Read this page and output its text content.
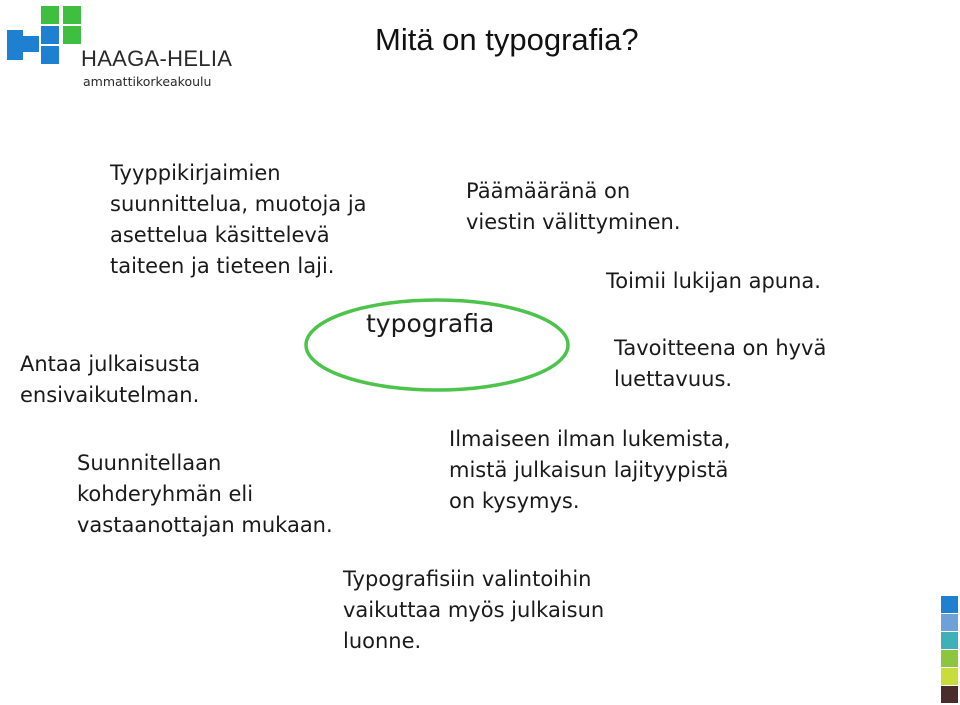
HAAGA-HELIA
ammattikorkeakoulu
Mitä on typografia?
typografia
Tyyppikirjaimien
suunnittelua, muotoja ja
asettelua käsittelevä
taiteen ja tieteen laji.
Päämääränä on
viestin välittyminen.
Toimii lukijan apuna.
Antaa julkaisusta
ensivaikutelman.
Tavoitteena on hyvä
luettavuus.
Suunnitellaan
kohderyhmän eli
vastaanottajan mukaan.
Ilmaiseen ilman lukemista,
mistä julkaisun lajityypistä
on kysymys.
Typografisiin valintoihin
vaikuttaa myös julkaisun
luonne.
